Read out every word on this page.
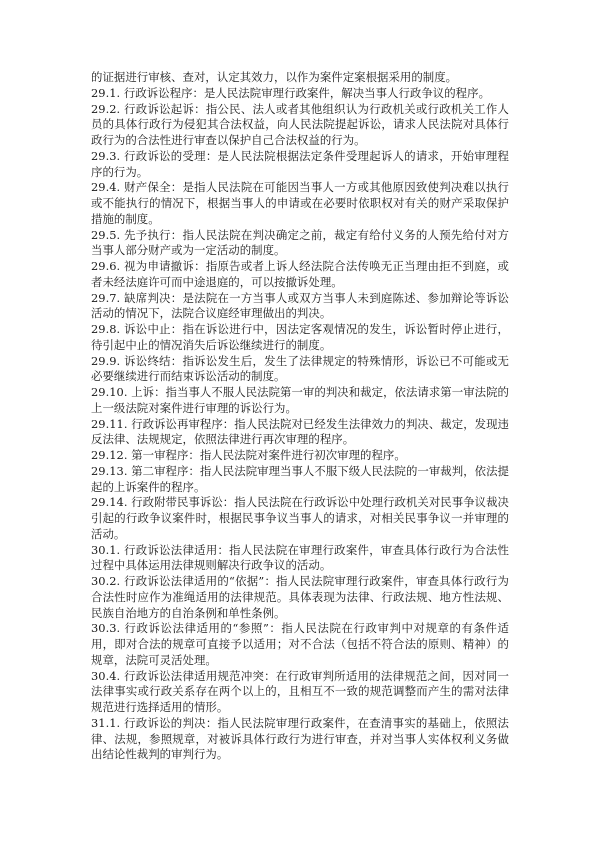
的证据进行审核、查对，认定其效力，以作为案件定案根据采用的制度。

29.1. 行政诉讼程序：是人民法院审理行政案件，解决当事人行政争议的程序。

29.2. 行政诉讼起诉：指公民、法人或者其他组织认为行政机关或行政机关工作人员的具体行政行为侵犯其合法权益，向人民法院提起诉讼，请求人民法院对具体行政行为的合法性进行审查以保护自己合法权益的行为。

29.3. 行政诉讼的受理：是人民法院根据法定条件受理起诉人的请求，开始审理程序的行为。

29.4. 财产保全：是指人民法院在可能因当事人一方或其他原因致使判决难以执行或不能执行的情况下，根据当事人的申请或在必要时依职权对有关的财产采取保护措施的制度。

29.5. 先予执行：指人民法院在判决确定之前，裁定有给付义务的人预先给付对方当事人部分财产或为一定活动的制度。

29.6. 视为申请撤诉：指原告或者上诉人经法院合法传唤无正当理由拒不到庭，或者未经法庭许可而中途退庭的，可以按撤诉处理。

29.7. 缺席判决：是法院在一方当事人或双方当事人未到庭陈述、参加辩论等诉讼活动的情况下，法院合议庭经审理做出的判决。

29.8. 诉讼中止：指在诉讼进行中，因法定客观情况的发生，诉讼暂时停止进行，待引起中止的情况消失后诉讼继续进行的制度。

29.9. 诉讼终结：指诉讼发生后，发生了法律规定的特殊情形，诉讼已不可能或无必要继续进行而结束诉讼活动的制度。

29.10. 上诉：指当事人不服人民法院第一审的判决和裁定，依法请求第一审法院的上一级法院对案件进行审理的诉讼行为。

29.11. 行政诉讼再审程序：指人民法院对已经发生法律效力的判决、裁定，发现违反法律、法规规定，依照法律进行再次审理的程序。

29.12. 第一审程序：指人民法院对案件进行初次审理的程序。

29.13. 第二审程序：指人民法院审理当事人不服下级人民法院的一审裁判，依法提起的上诉案件的程序。

29.14. 行政附带民事诉讼：指人民法院在行政诉讼中处理行政机关对民事争议裁决引起的行政争议案件时，根据民事争议当事人的请求，对相关民事争议一并审理的活动。

30.1. 行政诉讼法律适用：指人民法院在审理行政案件，审查具体行政行为合法性过程中具体运用法律规则解决行政争议的活动。

30.2. 行政诉讼法律适用的“依据”：指人民法院审理行政案件，审查具体行政行为合法性时应作为准绳适用的法律规范。具体表现为法律、行政法规、地方性法规、民族自治地方的自治条例和单性条例。

30.3. 行政诉讼法律适用的“参照”：指人民法院在行政审判中对规章的有条件适用，即对合法的规章可直接予以适用；对不合法（包括不符合法的原则、精神）的规章，法院可灵活处理。

30.4. 行政诉讼法律适用规范冲突：在行政审判所适用的法律规范之间，因对同一法律事实或行政关系存在两个以上的，且相互不一致的规范调整而产生的需对法律规范进行选择适用的情形。

31.1. 行政诉讼的判决：指人民法院审理行政案件，在查清事实的基础上，依照法律、法规，参照规章，对被诉具体行政行为进行审查，并对当事人实体权利义务做出结论性裁判的审判行为。
